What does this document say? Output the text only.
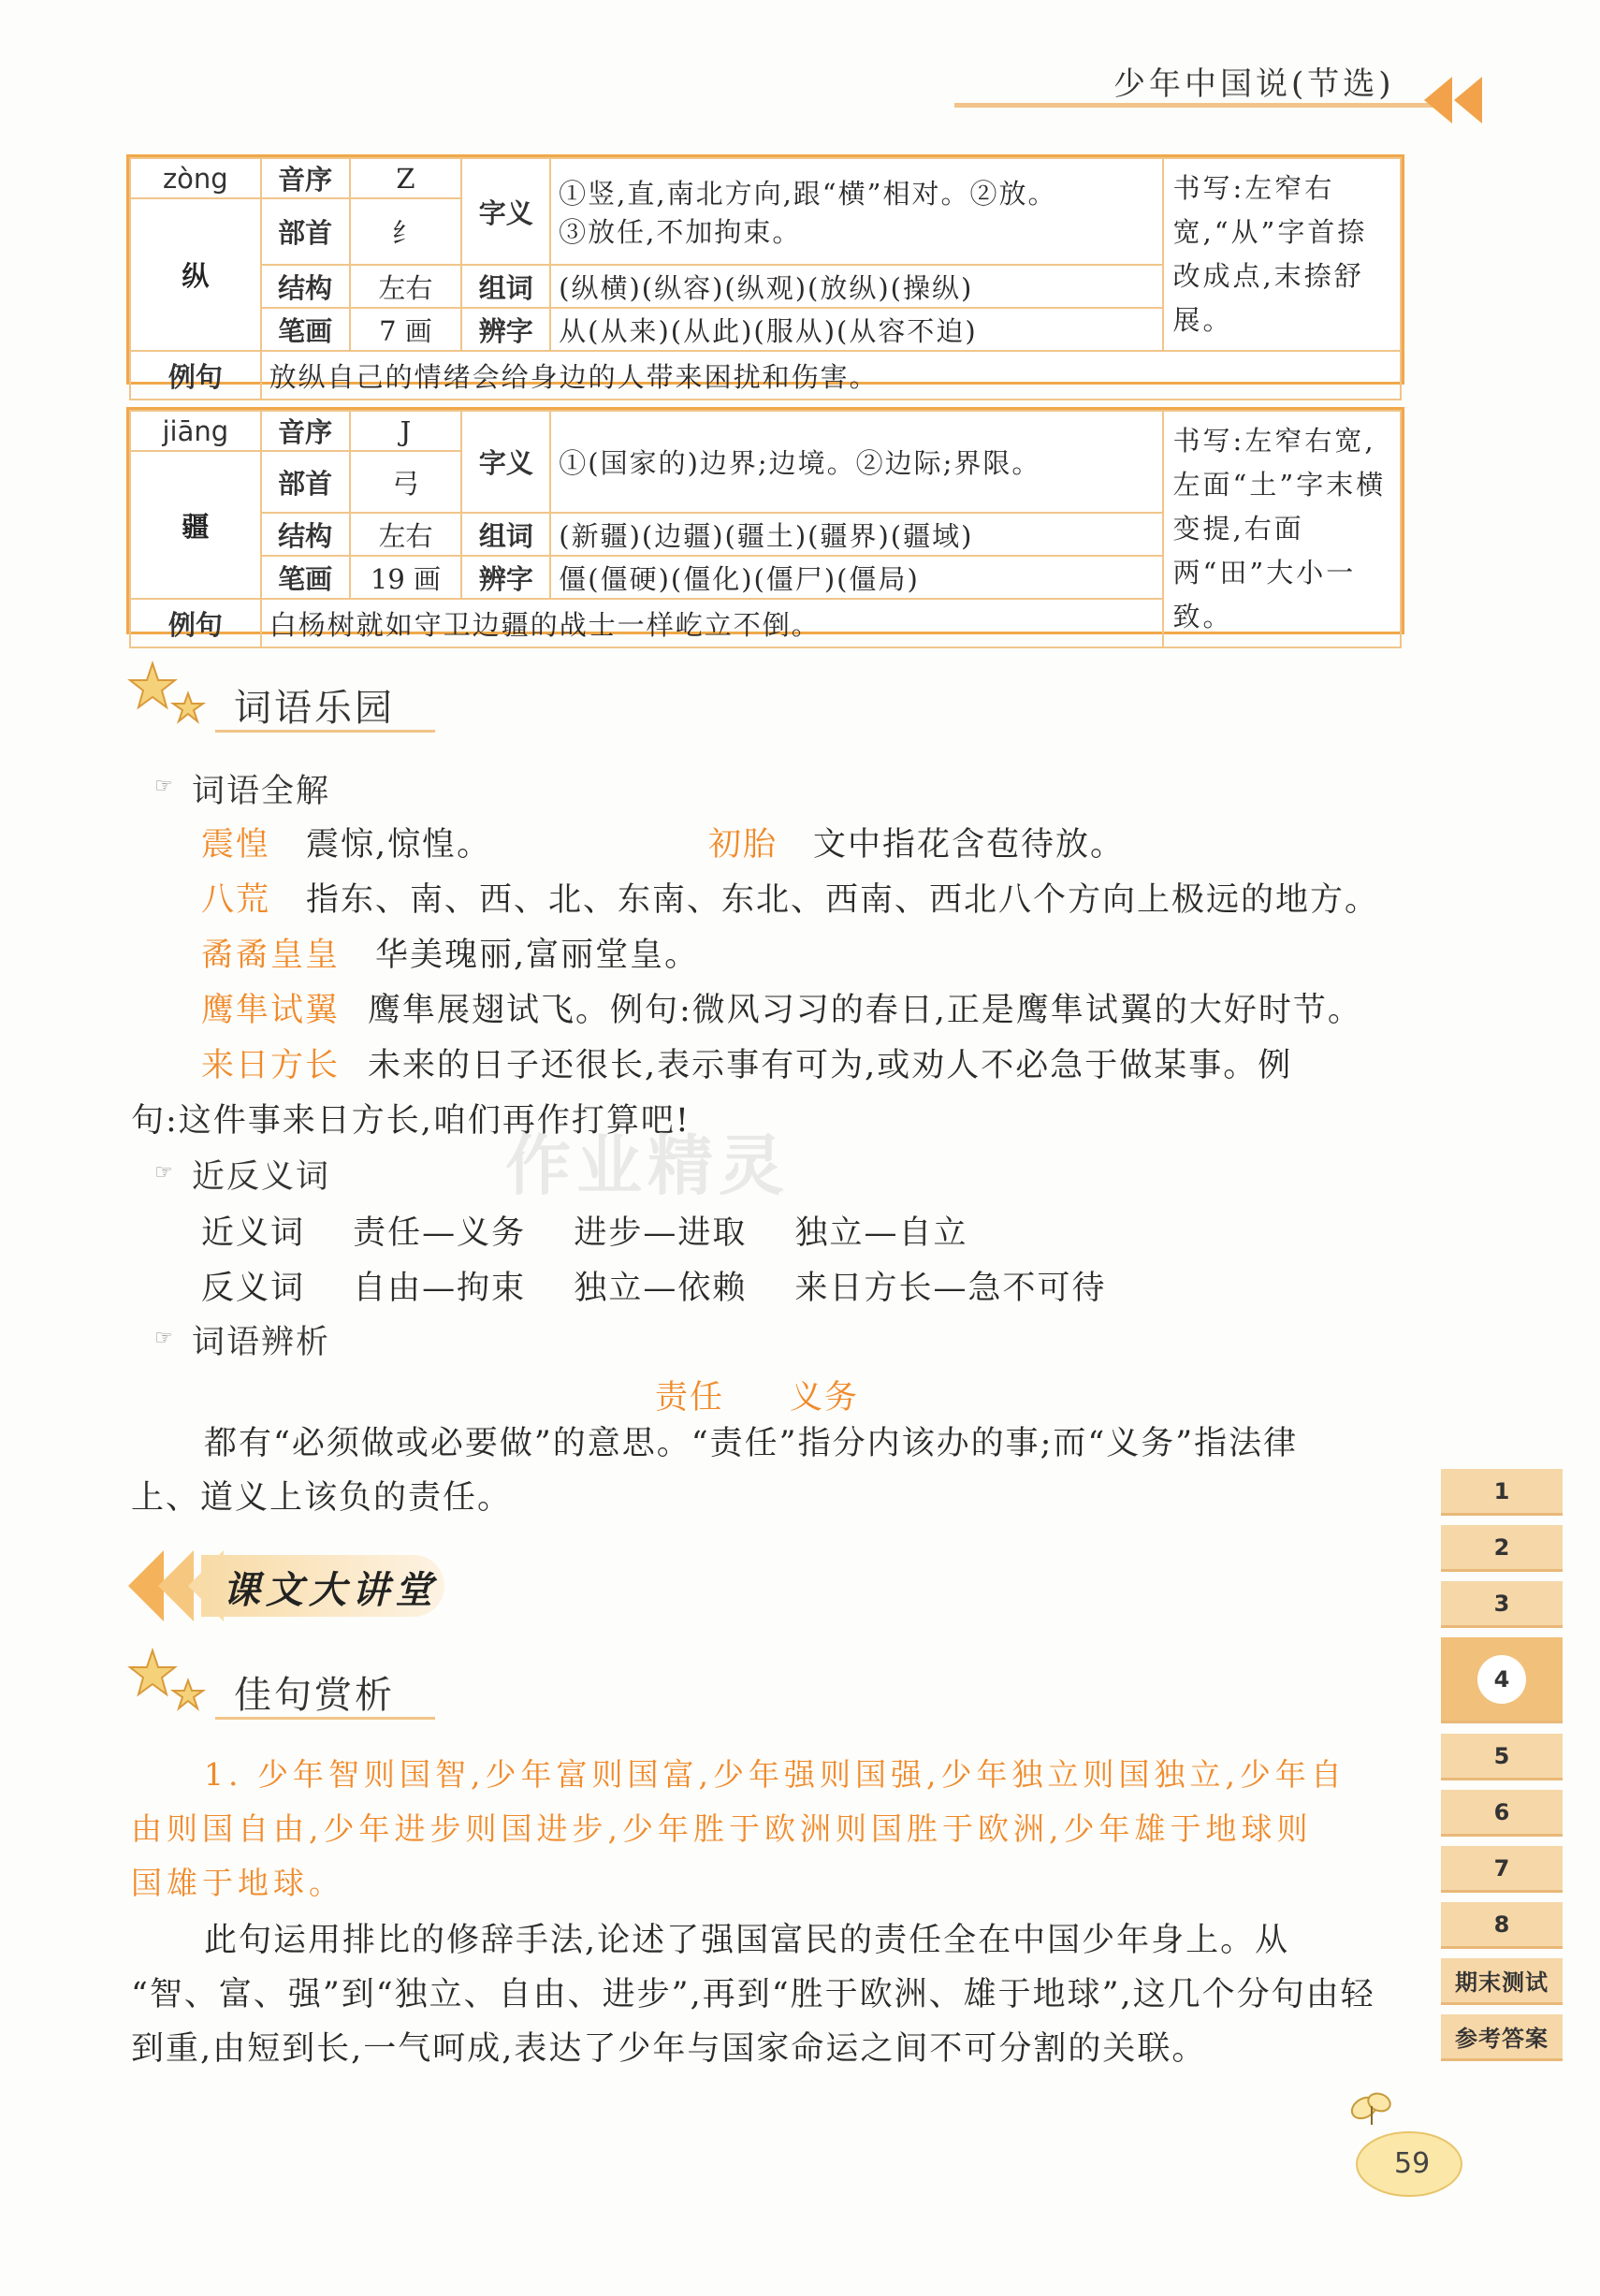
少年中国说(节选)
zòng	音序	Z	字义	①竖,直,南北方向,跟“横”相对。②放。
③放任,不加拘束。	书写:左窄右宽,“从”字首捺改成点,末捺舒展。
纵	部首	纟			
	结构	左右	组词	(纵横)(纵容)(纵观)(放纵)(操纵)	
	笔画	7 画	辨字	从(从来)(从此)(服从)(从容不迫)	
例句	放纵自己的情绪会给身边的人带来困扰和伤害。				
jiāng	音序	J	字义	①(国家的)边界;边境。②边际;界限。	书写:左窄右宽,左面“土”字末横变提,右面两“田”大小一致。
疆	部首	弓			
	结构	左右	组词	(新疆)(边疆)(疆土)(疆界)(疆域)	
	笔画	19 画	辨字	僵(僵硬)(僵化)(僵尸)(僵局)	
例句	白杨树就如守卫边疆的战士一样屹立不倒。				
词语乐园
☞ 词语全解
震惶 震惊,惊惶。	初胎 文中指花含苞待放。
八荒 指东、南、西、北、东南、东北、西南、西北八个方向上极远的地方。
矞矞皇皇 华美瑰丽,富丽堂皇。
鹰隼试翼 鹰隼展翅试飞。例句:微风习习的春日,正是鹰隼试翼的大好时节。
来日方长 未来的日子还很长,表示事有可为,或劝人不必急于做某事。例
句:这件事来日方长,咱们再作打算吧!
作业精灵
☞ 近反义词
近义词 责任—义务 进步—进取 独立—自立
反义词 自由—拘束 独立—依赖 来日方长—急不可待
☞ 词语辨析
责任 义务
都有“必须做或必要做”的意思。“责任”指分内该办的事;而“义务”指法律
上、道义上该负的责任。
课文大讲堂
佳句赏析
1. 少年智则国智,少年富则国富,少年强则国强,少年独立则国独立,少年自
由则国自由,少年进步则国进步,少年胜于欧洲则国胜于欧洲,少年雄于地球则
国雄于地球。
此句运用排比的修辞手法,论述了强国富民的责任全在中国少年身上。从
“智、富、强”到“独立、自由、进步”,再到“胜于欧洲、雄于地球”,这几个分句由轻
到重,由短到长,一气呵成,表达了少年与国家命运之间不可分割的关联。
1
2
3
4
5
6
7
8
期末测试
参考答案
59
